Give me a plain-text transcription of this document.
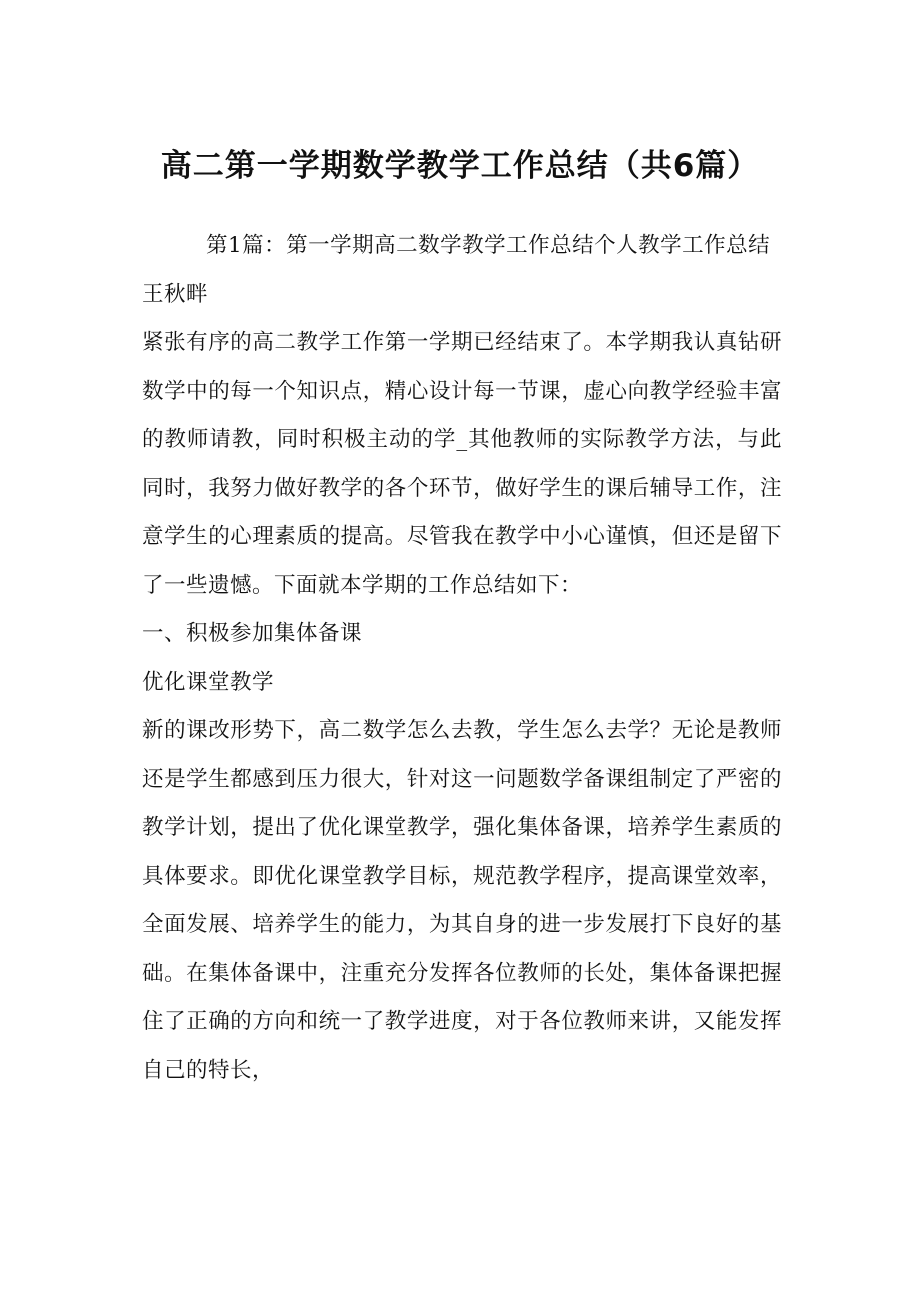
高二第一学期数学教学工作总结（共6篇）

第1篇：第一学期高二数学教学工作总结个人教学工作总结

王秋畔

紧张有序的高二教学工作第一学期已经结束了。本学期我认真钻研数学中的每一个知识点，精心设计每一节课，虚心向教学经验丰富的教师请教，同时积极主动的学_其他教师的实际教学方法，与此同时，我努力做好教学的各个环节，做好学生的课后辅导工作，注意学生的心理素质的提高。尽管我在教学中小心谨慎，但还是留下了一些遗憾。下面就本学期的工作总结如下：

一、积极参加集体备课

优化课堂教学

新的课改形势下，高二数学怎么去教，学生怎么去学？无论是教师还是学生都感到压力很大，针对这一问题数学备课组制定了严密的教学计划，提出了优化课堂教学，强化集体备课，培养学生素质的具体要求。即优化课堂教学目标，规范教学程序，提高课堂效率，全面发展、培养学生的能力，为其自身的进一步发展打下良好的基础。在集体备课中，注重充分发挥各位教师的长处，集体备课把握住了正确的方向和统一了教学进度，对于各位教师来讲，又能发挥自己的特长，
